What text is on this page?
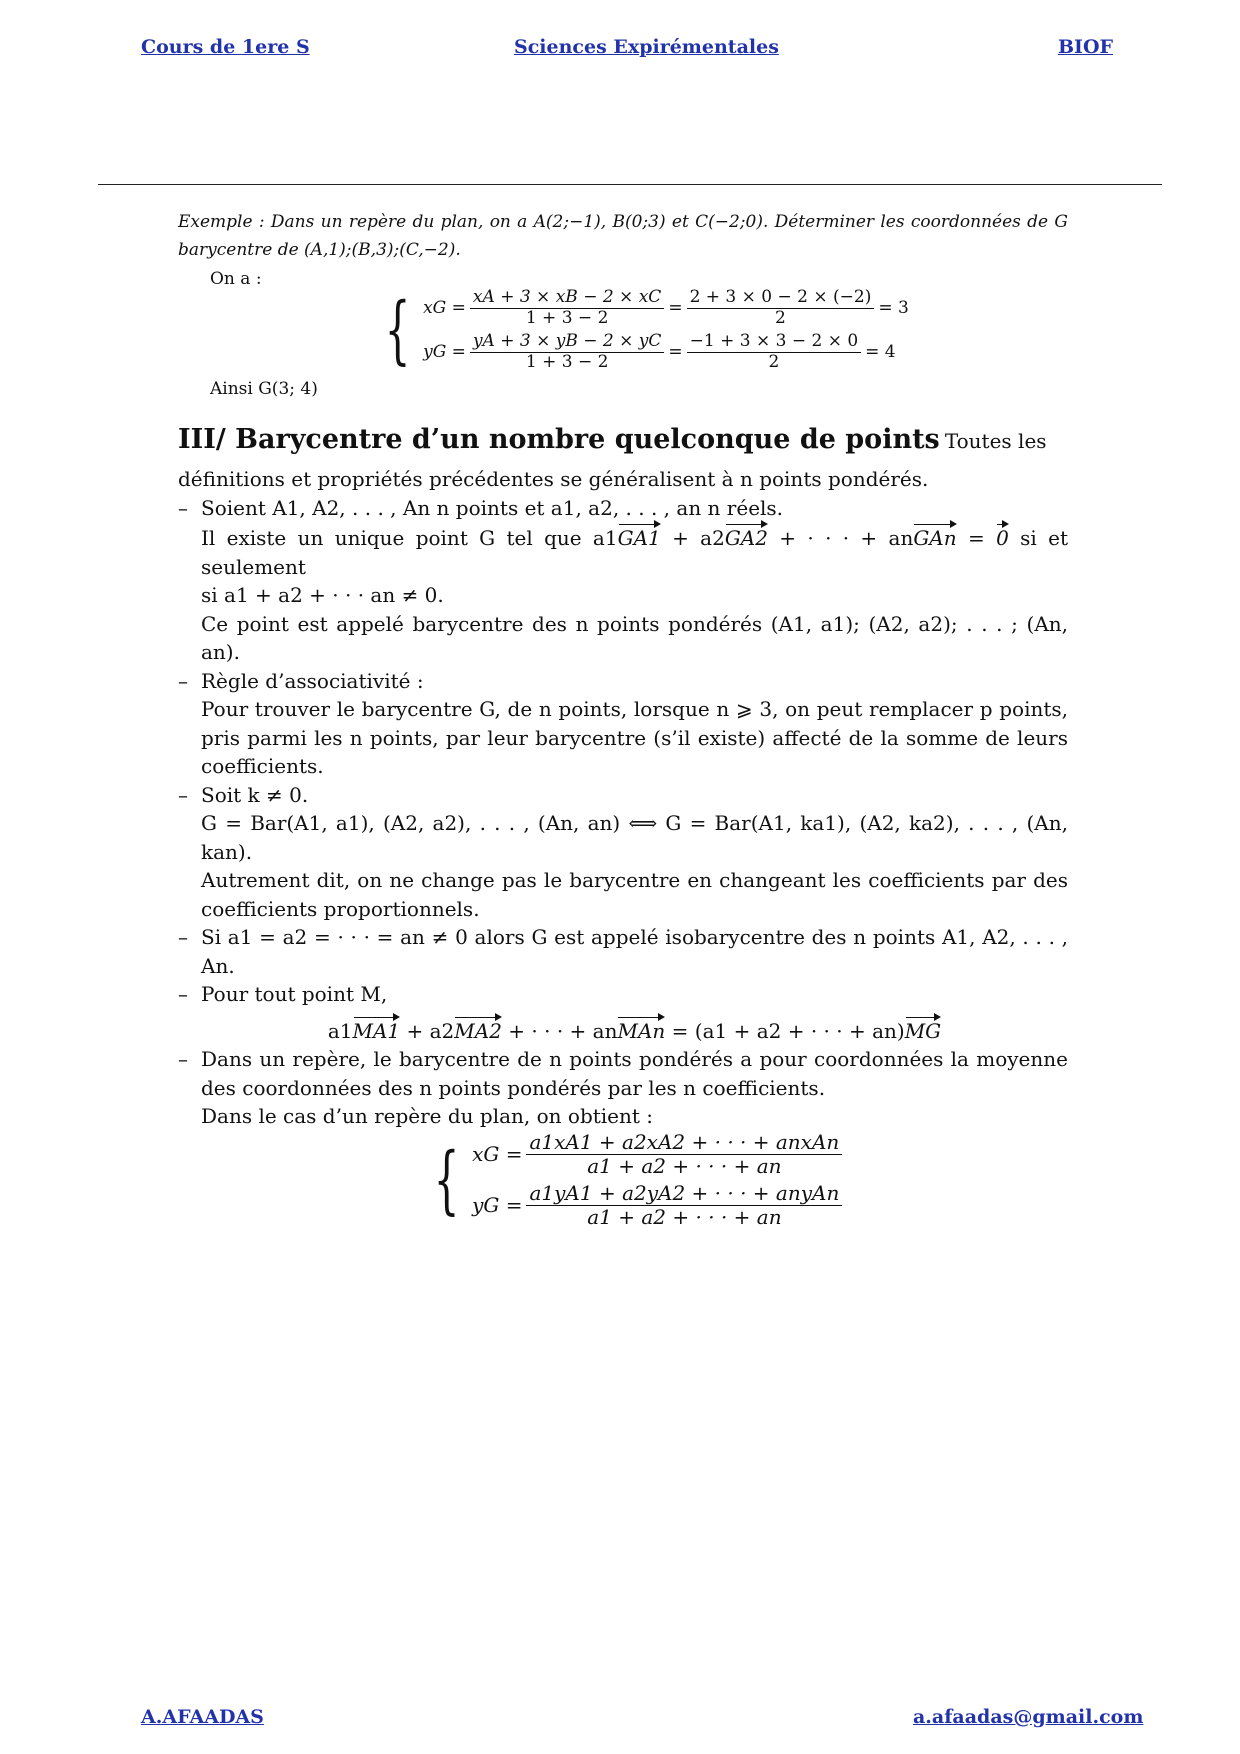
Cours de 1ere S	Sciences Expirémentales	BIOF
Exemple : Dans un repère du plan, on a A(2;−1), B(0;3) et C(−2;0). Déterminer les coordonnées de G barycentre de (A,1);(B,3);(C,−2).
On a :
{ xG = $\frac{xA + 3 \times xB - 2 \times xC}{1 + 3 - 2} = \frac{2 + 3 \times 0 - 2 \times (-2)}{2} = 3$
yG = $\frac{yA + 3 \times yB - 2 \times yC}{1 + 3 - 2} = \frac{-1 + 3 \times 3 - 2 \times 0}{2} = 4$
Ainsi G(3; 4)
III/ Barycentre d’un nombre quelconque de points Toutes les
définitions et propriétés précédentes se généralisent à n points pondérés.
– Soient A1, A2, . . . , An n points et a1, a2, . . . , an n réels.
Il existe un unique point G tel que a1GA1 + a2GA2 + · · · + anGAn = 0 si et seulement
si a1 + a2 + · · · an ≠ 0.
Ce point est appelé barycentre des n points pondérés (A1, a1); (A2, a2); . . . ; (An, an).
– Règle d’associativité :
Pour trouver le barycentre G, de n points, lorsque n ⩾ 3, on peut remplacer p points, pris parmi les n points, par leur barycentre (s’il existe) affecté de la somme de leurs coefficients.
– Soit k ≠ 0.
G = Bar(A1, a1), (A2, a2), . . . , (An, an) ⟺ G = Bar(A1, ka1), (A2, ka2), . . . , (An, kan).
Autrement dit, on ne change pas le barycentre en changeant les coefficients par des coefficients proportionnels.
– Si a1 = a2 = · · · = an ≠ 0 alors G est appelé isobarycentre des n points A1, A2, . . . , An.
– Pour tout point M,
a1MA1 + a2MA2 + · · · + anMAn = (a1 + a2 + · · · + an)MG
– Dans un repère, le barycentre de n points pondérés a pour coordonnées la moyenne des coordonnées des n points pondérés par les n coefficients.
Dans le cas d’un repère du plan, on obtient :
{ xG = $\frac{\text{a1xA1 + a2xA2 + · · · + anxAn}}{a1 + a2 + \cdot \cdot \cdot + an}$
yG = $\frac{\text{a1yA1 + a2yA2 + · · · + anyAn}}{a1 + a2 + \cdot \cdot \cdot + an}$
A.AFAADAS	a.afaadas@gmail.com
